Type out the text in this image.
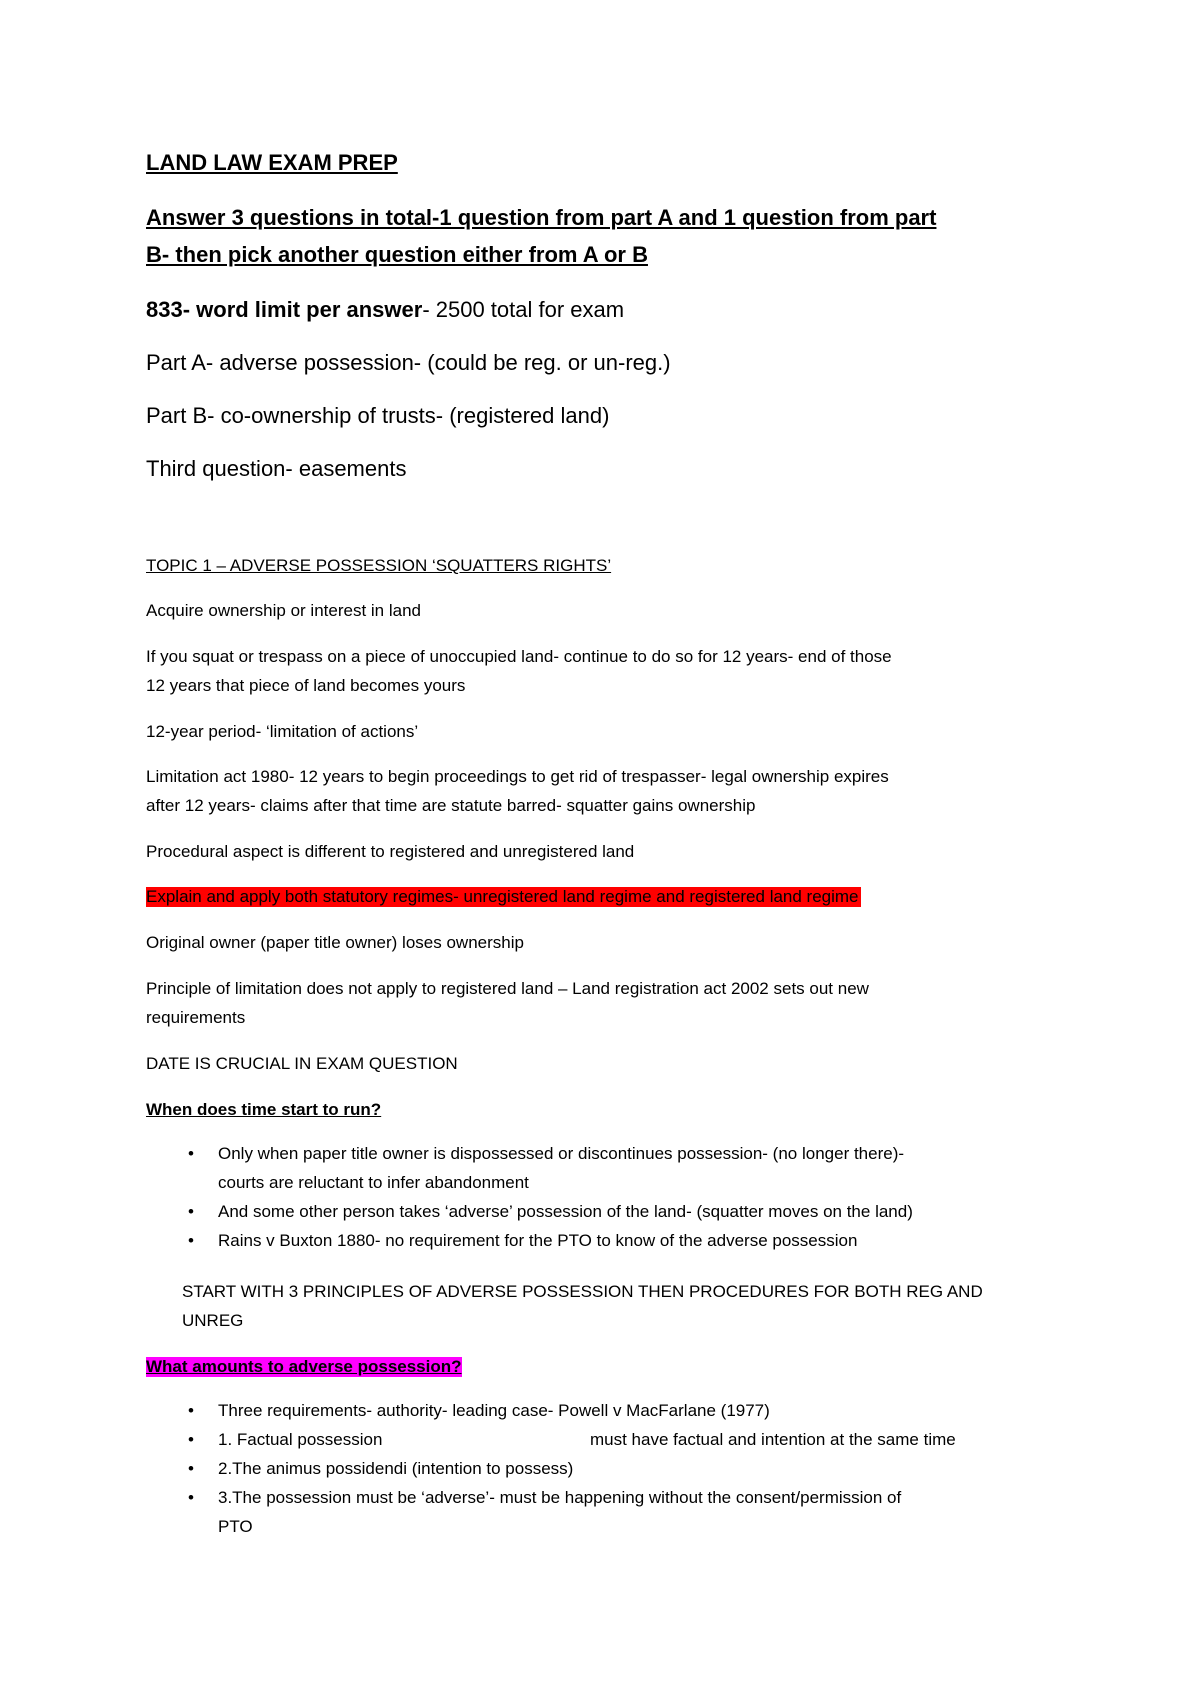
LAND LAW EXAM PREP
Answer 3 questions in total-1 question from part A and 1 question from part
B- then pick another question either from A or B
833- word limit per answer- 2500 total for exam
Part A- adverse possession- (could be reg. or un-reg.)
Part B- co-ownership of trusts- (registered land)
Third question- easements
TOPIC 1 – ADVERSE POSSESSION ‘SQUATTERS RIGHTS’
Acquire ownership or interest in land
If you squat or trespass on a piece of unoccupied land- continue to do so for 12 years- end of those
12 years that piece of land becomes yours
12-year period- ‘limitation of actions’
Limitation act 1980- 12 years to begin proceedings to get rid of trespasser- legal ownership expires
after 12 years- claims after that time are statute barred- squatter gains ownership
Procedural aspect is different to registered and unregistered land
Explain and apply both statutory regimes- unregistered land regime and registered land regime
Original owner (paper title owner) loses ownership
Principle of limitation does not apply to registered land – Land registration act 2002 sets out new
requirements
DATE IS CRUCIAL IN EXAM QUESTION
When does time start to run?
• Only when paper title owner is dispossessed or discontinues possession- (no longer there)-
courts are reluctant to infer abandonment
• And some other person takes ‘adverse’ possession of the land- (squatter moves on the land)
• Rains v Buxton 1880- no requirement for the PTO to know of the adverse possession
START WITH 3 PRINCIPLES OF ADVERSE POSSESSION THEN PROCEDURES FOR BOTH REG AND
UNREG
What amounts to adverse possession?
• Three requirements- authority- leading case- Powell v MacFarlane (1977)
• 1. Factual possession	must have factual and intention at the same time
• 2.The animus possidendi (intention to possess)
• 3.The possession must be ‘adverse’- must be happening without the consent/permission of
PTO
